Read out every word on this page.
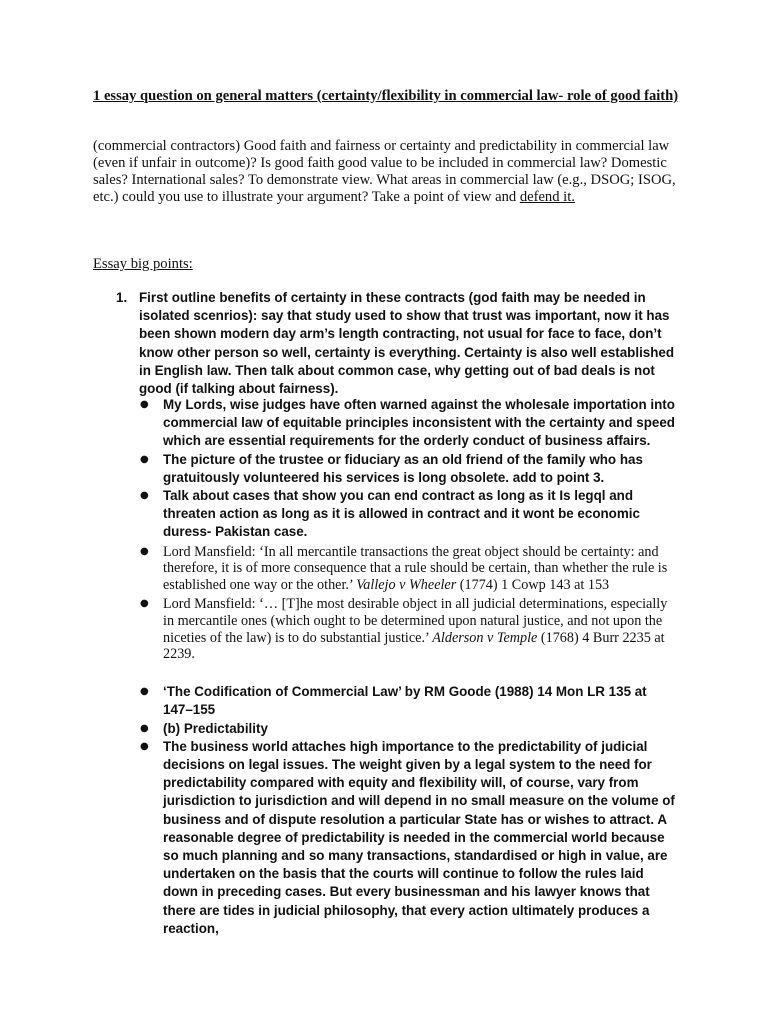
1 essay question on general matters (certainty/flexibility in commercial law- role of good faith)
(commercial contractors) Good faith and fairness or certainty and predictability in commercial law (even if unfair in outcome)? Is good faith good value to be included in commercial law? Domestic sales? International sales? To demonstrate view. What areas in commercial law (e.g., DSOG; ISOG, etc.) could you use to illustrate your argument? Take a point of view and defend it.
Essay big points:
1. First outline benefits of certainty in these contracts (god faith may be needed in isolated scenrios): say that study used to show that trust was important, now it has been shown modern day arm’s length contracting, not usual for face to face, don’t know other person so well, certainty is everything. Certainty is also well established in English law. Then talk about common case, why getting out of bad deals is not good (if talking about fairness).
● My Lords, wise judges have often warned against the wholesale importation into commercial law of equitable principles inconsistent with the certainty and speed which are essential requirements for the orderly conduct of business affairs.
● The picture of the trustee or fiduciary as an old friend of the family who has gratuitously volunteered his services is long obsolete. add to point 3.
● Talk about cases that show you can end contract as long as it Is legql and threaten action as long as it is allowed in contract and it wont be economic duress- Pakistan case.
● Lord Mansfield: ‘In all mercantile transactions the great object should be certainty: and therefore, it is of more consequence that a rule should be certain, than whether the rule is established one way or the other.’ Vallejo v Wheeler (1774) 1 Cowp 143 at 153
● Lord Mansfield: ‘… [T]he most desirable object in all judicial determinations, especially in mercantile ones (which ought to be determined upon natural justice, and not upon the niceties of the law) is to do substantial justice.’ Alderson v Temple (1768) 4 Burr 2235 at 2239.
● ‘The Codification of Commercial Law’ by RM Goode (1988) 14 Mon LR 135 at 147–155
● (b) Predictability
● The business world attaches high importance to the predictability of judicial decisions on legal issues. The weight given by a legal system to the need for predictability compared with equity and flexibility will, of course, vary from jurisdiction to jurisdiction and will depend in no small measure on the volume of business and of dispute resolution a particular State has or wishes to attract. A reasonable degree of predictability is needed in the commercial world because so much planning and so many transactions, standardised or high in value, are undertaken on the basis that the courts will continue to follow the rules laid down in preceding cases. But every businessman and his lawyer knows that there are tides in judicial philosophy, that every action ultimately produces a reaction,
